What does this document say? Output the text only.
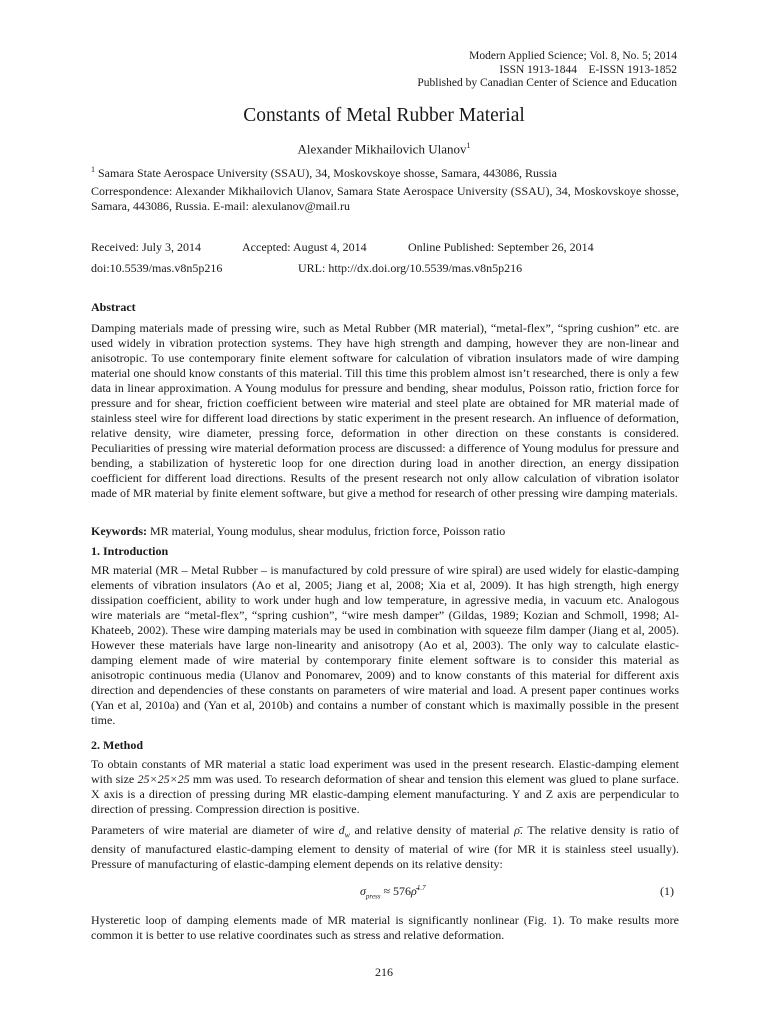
Modern Applied Science; Vol. 8, No. 5; 2014
ISSN 1913-1844    E-ISSN 1913-1852
Published by Canadian Center of Science and Education
Constants of Metal Rubber Material
Alexander Mikhailovich Ulanov$^1$
$^1$ Samara State Aerospace University (SSAU), 34, Moskovskoye shosse, Samara, 443086, Russia
Correspondence: Alexander Mikhailovich Ulanov, Samara State Aerospace University (SSAU), 34, Moskovskoye shosse, Samara, 443086, Russia. E-mail: alexulanov@mail.ru
Received: July 3, 2014	Accepted: August 4, 2014	Online Published: September 26, 2014
doi:10.5539/mas.v8n5p216	URL: http://dx.doi.org/10.5539/mas.v8n5p216
Abstract
Damping materials made of pressing wire, such as Metal Rubber (MR material), “metal-flex”, “spring cushion” etc. are used widely in vibration protection systems. They have high strength and damping, however they are non-linear and anisotropic. To use contemporary finite element software for calculation of vibration insulators made of wire damping material one should know constants of this material. Till this time this problem almost isn’t researched, there is only a few data in linear approximation. A Young modulus for pressure and bending, shear modulus, Poisson ratio, friction force for pressure and for shear, friction coefficient between wire material and steel plate are obtained for MR material made of stainless steel wire for different load directions by static experiment in the present research. An influence of deformation, relative density, wire diameter, pressing force, deformation in other direction on these constants is considered. Peculiarities of pressing wire material deformation process are discussed: a difference of Young modulus for pressure and bending, a stabilization of hysteretic loop for one direction during load in another direction, an energy dissipation coefficient for different load directions. Results of the present research not only allow calculation of vibration isolator made of MR material by finite element software, but give a method for research of other pressing wire damping materials.
Keywords: MR material, Young modulus, shear modulus, friction force, Poisson ratio
1. Introduction
MR material (MR – Metal Rubber – is manufactured by cold pressure of wire spiral) are used widely for elastic-damping elements of vibration insulators (Ao et al, 2005; Jiang et al, 2008; Xia et al, 2009). It has high strength, high energy dissipation coefficient, ability to work under hugh and low temperature, in agressive media, in vacuum etc. Analogous wire materials are “metal-flex”, “spring cushion”, “wire mesh damper” (Gildas, 1989; Kozian and Schmoll, 1998; Al-Khateeb, 2002). These wire damping materials may be used in combination with squeeze film damper (Jiang et al, 2005). However these materials have large non-linearity and anisotropy (Ao et al, 2003). The only way to calculate elastic-damping element made of wire material by contemporary finite element software is to consider this material as anisotropic continuous media (Ulanov and Ponomarev, 2009) and to know constants of this material for different axis direction and dependencies of these constants on parameters of wire material and load. A present paper continues works (Yan et al, 2010a) and (Yan et al, 2010b) and contains a number of constant which is maximally possible in the present time.
2. Method
To obtain constants of MR material a static load experiment was used in the present research. Elastic-damping element with size 25×25×25 mm was used. To research deformation of shear and tension this element was glued to plane surface. X axis is a direction of pressing during MR elastic-damping element manufacturing. Y and Z axis are perpendicular to direction of pressing. Compression direction is positive.
Parameters of wire material are diameter of wire $d_w$ and relative density of material ρ̄. The relative density is ratio of density of manufactured elastic-damping element to density of material of wire (for MR it is stainless steel usually). Pressure of manufacturing of elastic-damping element depends on its relative density:
$\sigma_{press}$ ≈ 576ρ̄$^{1.7}$	(1)
Hysteretic loop of damping elements made of MR material is significantly nonlinear (Fig. 1). To make results more common it is better to use relative coordinates such as stress and relative deformation.
216
